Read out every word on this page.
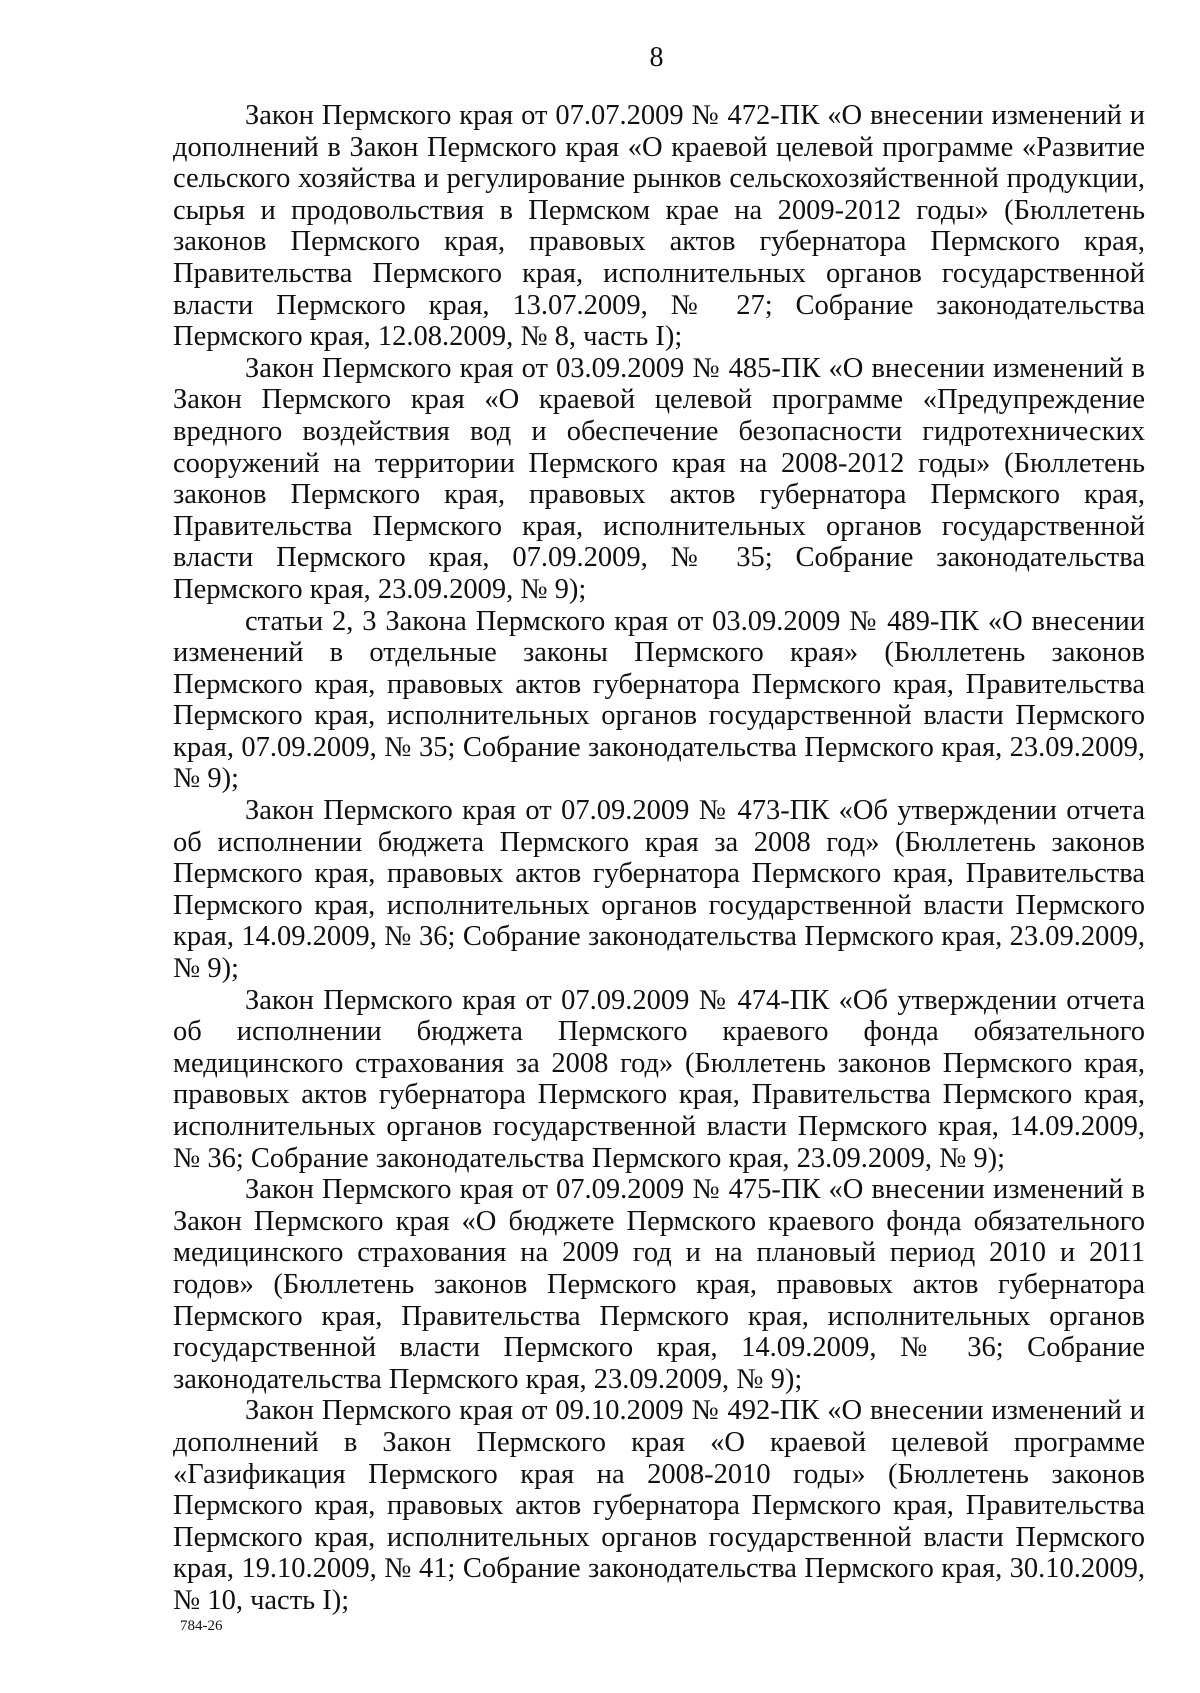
8

Закон Пермского края от 07.07.2009 № 472-ПК «О внесении изменений и дополнений в Закон Пермского края «О краевой целевой программе «Развитие сельского хозяйства и регулирование рынков сельскохозяйственной продукции, сырья и продовольствия в Пермском крае на 2009-2012 годы» (Бюллетень законов Пермского края, правовых актов губернатора Пермского края, Правительства Пермского края, исполнительных органов государственной власти Пермского края, 13.07.2009, № 27; Собрание законодательства Пермского края, 12.08.2009, № 8, часть I);

Закон Пермского края от 03.09.2009 № 485-ПК «О внесении изменений в Закон Пермского края «О краевой целевой программе «Предупреждение вредного воздействия вод и обеспечение безопасности гидротехнических сооружений на территории Пермского края на 2008-2012 годы» (Бюллетень законов Пермского края, правовых актов губернатора Пермского края, Правительства Пермского края, исполнительных органов государственной власти Пермского края, 07.09.2009, № 35; Собрание законодательства Пермского края, 23.09.2009, № 9);

статьи 2, 3 Закона Пермского края от 03.09.2009 № 489-ПК «О внесении изменений в отдельные законы Пермского края» (Бюллетень законов Пермского края, правовых актов губернатора Пермского края, Правительства Пермского края, исполнительных органов государственной власти Пермского края, 07.09.2009, № 35; Собрание законодательства Пермского края, 23.09.2009, № 9);

Закон Пермского края от 07.09.2009 № 473-ПК «Об утверждении отчета об исполнении бюджета Пермского края за 2008 год» (Бюллетень законов Пермского края, правовых актов губернатора Пермского края, Правительства Пермского края, исполнительных органов государственной власти Пермского края, 14.09.2009, № 36; Собрание законодательства Пермского края, 23.09.2009, № 9);

Закон Пермского края от 07.09.2009 № 474-ПК «Об утверждении отчета об исполнении бюджета Пермского краевого фонда обязательного медицинского страхования за 2008 год» (Бюллетень законов Пермского края, правовых актов губернатора Пермского края, Правительства Пермского края, исполнительных органов государственной власти Пермского края, 14.09.2009, № 36; Собрание законодательства Пермского края, 23.09.2009, № 9);

Закон Пермского края от 07.09.2009 № 475-ПК «О внесении изменений в Закон Пермского края «О бюджете Пермского краевого фонда обязательного медицинского страхования на 2009 год и на плановый период 2010 и 2011 годов» (Бюллетень законов Пермского края, правовых актов губернатора Пермского края, Правительства Пермского края, исполнительных органов государственной власти Пермского края, 14.09.2009, № 36; Собрание законодательства Пермского края, 23.09.2009, № 9);

Закон Пермского края от 09.10.2009 № 492-ПК «О внесении изменений и дополнений в Закон Пермского края «О краевой целевой программе «Газификация Пермского края на 2008-2010 годы» (Бюллетень законов Пермского края, правовых актов губернатора Пермского края, Правительства Пермского края, исполнительных органов государственной власти Пермского края, 19.10.2009, № 41; Собрание законодательства Пермского края, 30.10.2009, № 10, часть I);

784-26
